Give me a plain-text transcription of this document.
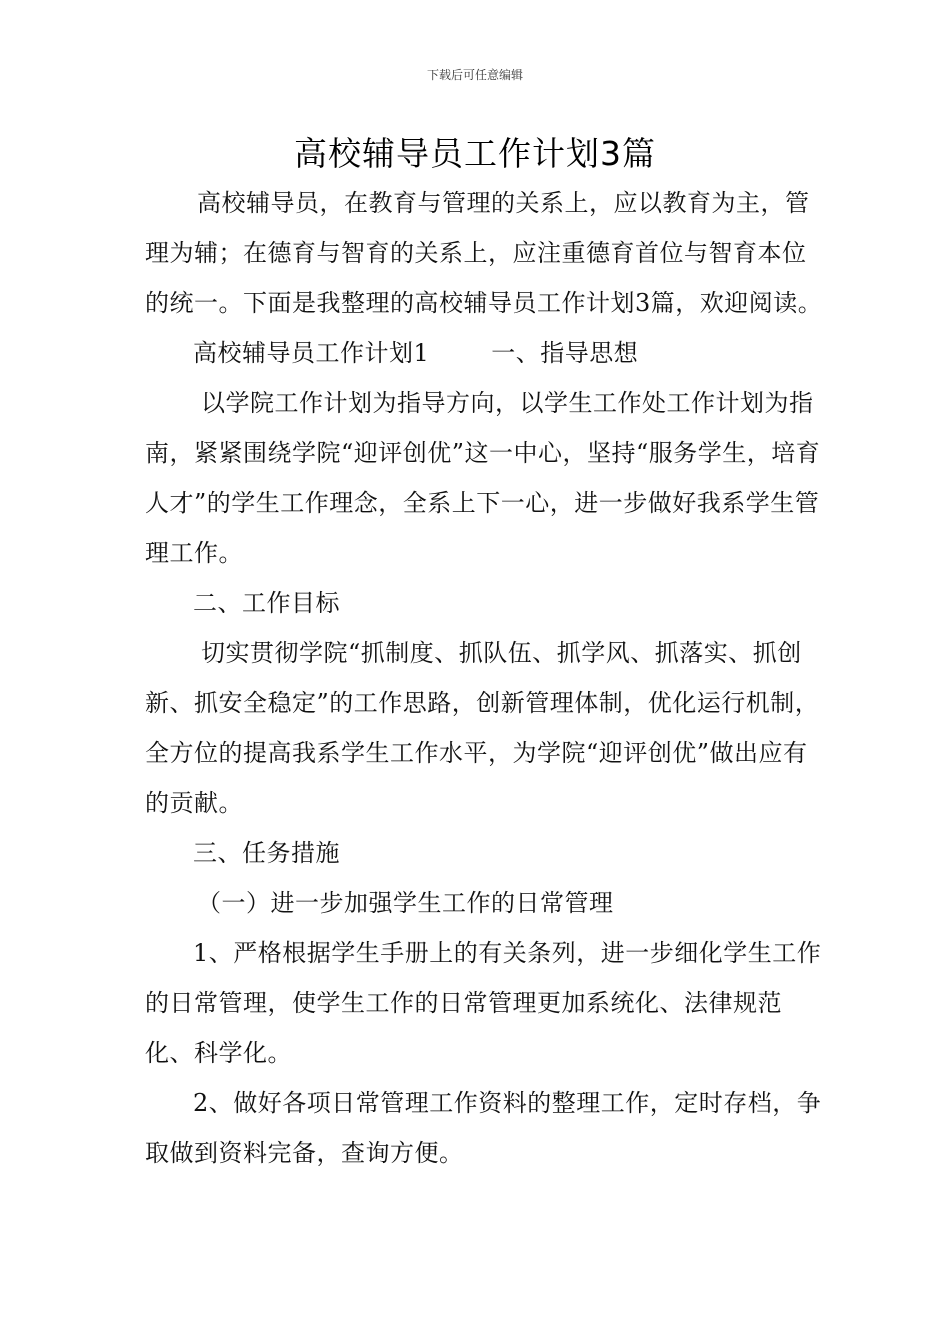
下载后可任意编辑
高校辅导员工作计划3篇

高校辅导员，在教育与管理的关系上，应以教育为主，管理为辅；在德育与智育的关系上，应注重德育首位与智育本位的统一。下面是我整理的高校辅导员工作计划3篇，欢迎阅读。

高校辅导员工作计划1	一、指导思想

以学院工作计划为指导方向，以学生工作处工作计划为指南，紧紧围绕学院“迎评创优”这一中心，坚持“服务学生，培育人才”的学生工作理念，全系上下一心，进一步做好我系学生管理工作。

二、工作目标

切实贯彻学院“抓制度、抓队伍、抓学风、抓落实、抓创新、抓安全稳定”的工作思路，创新管理体制，优化运行机制，全方位的提高我系学生工作水平，为学院“迎评创优”做出应有的贡献。

三、任务措施

（一）进一步加强学生工作的日常管理

1、严格根据学生手册上的有关条列，进一步细化学生工作的日常管理，使学生工作的日常管理更加系统化、法律规范化、科学化。

2、做好各项日常管理工作资料的整理工作，定时存档，争取做到资料完备，查询方便。
